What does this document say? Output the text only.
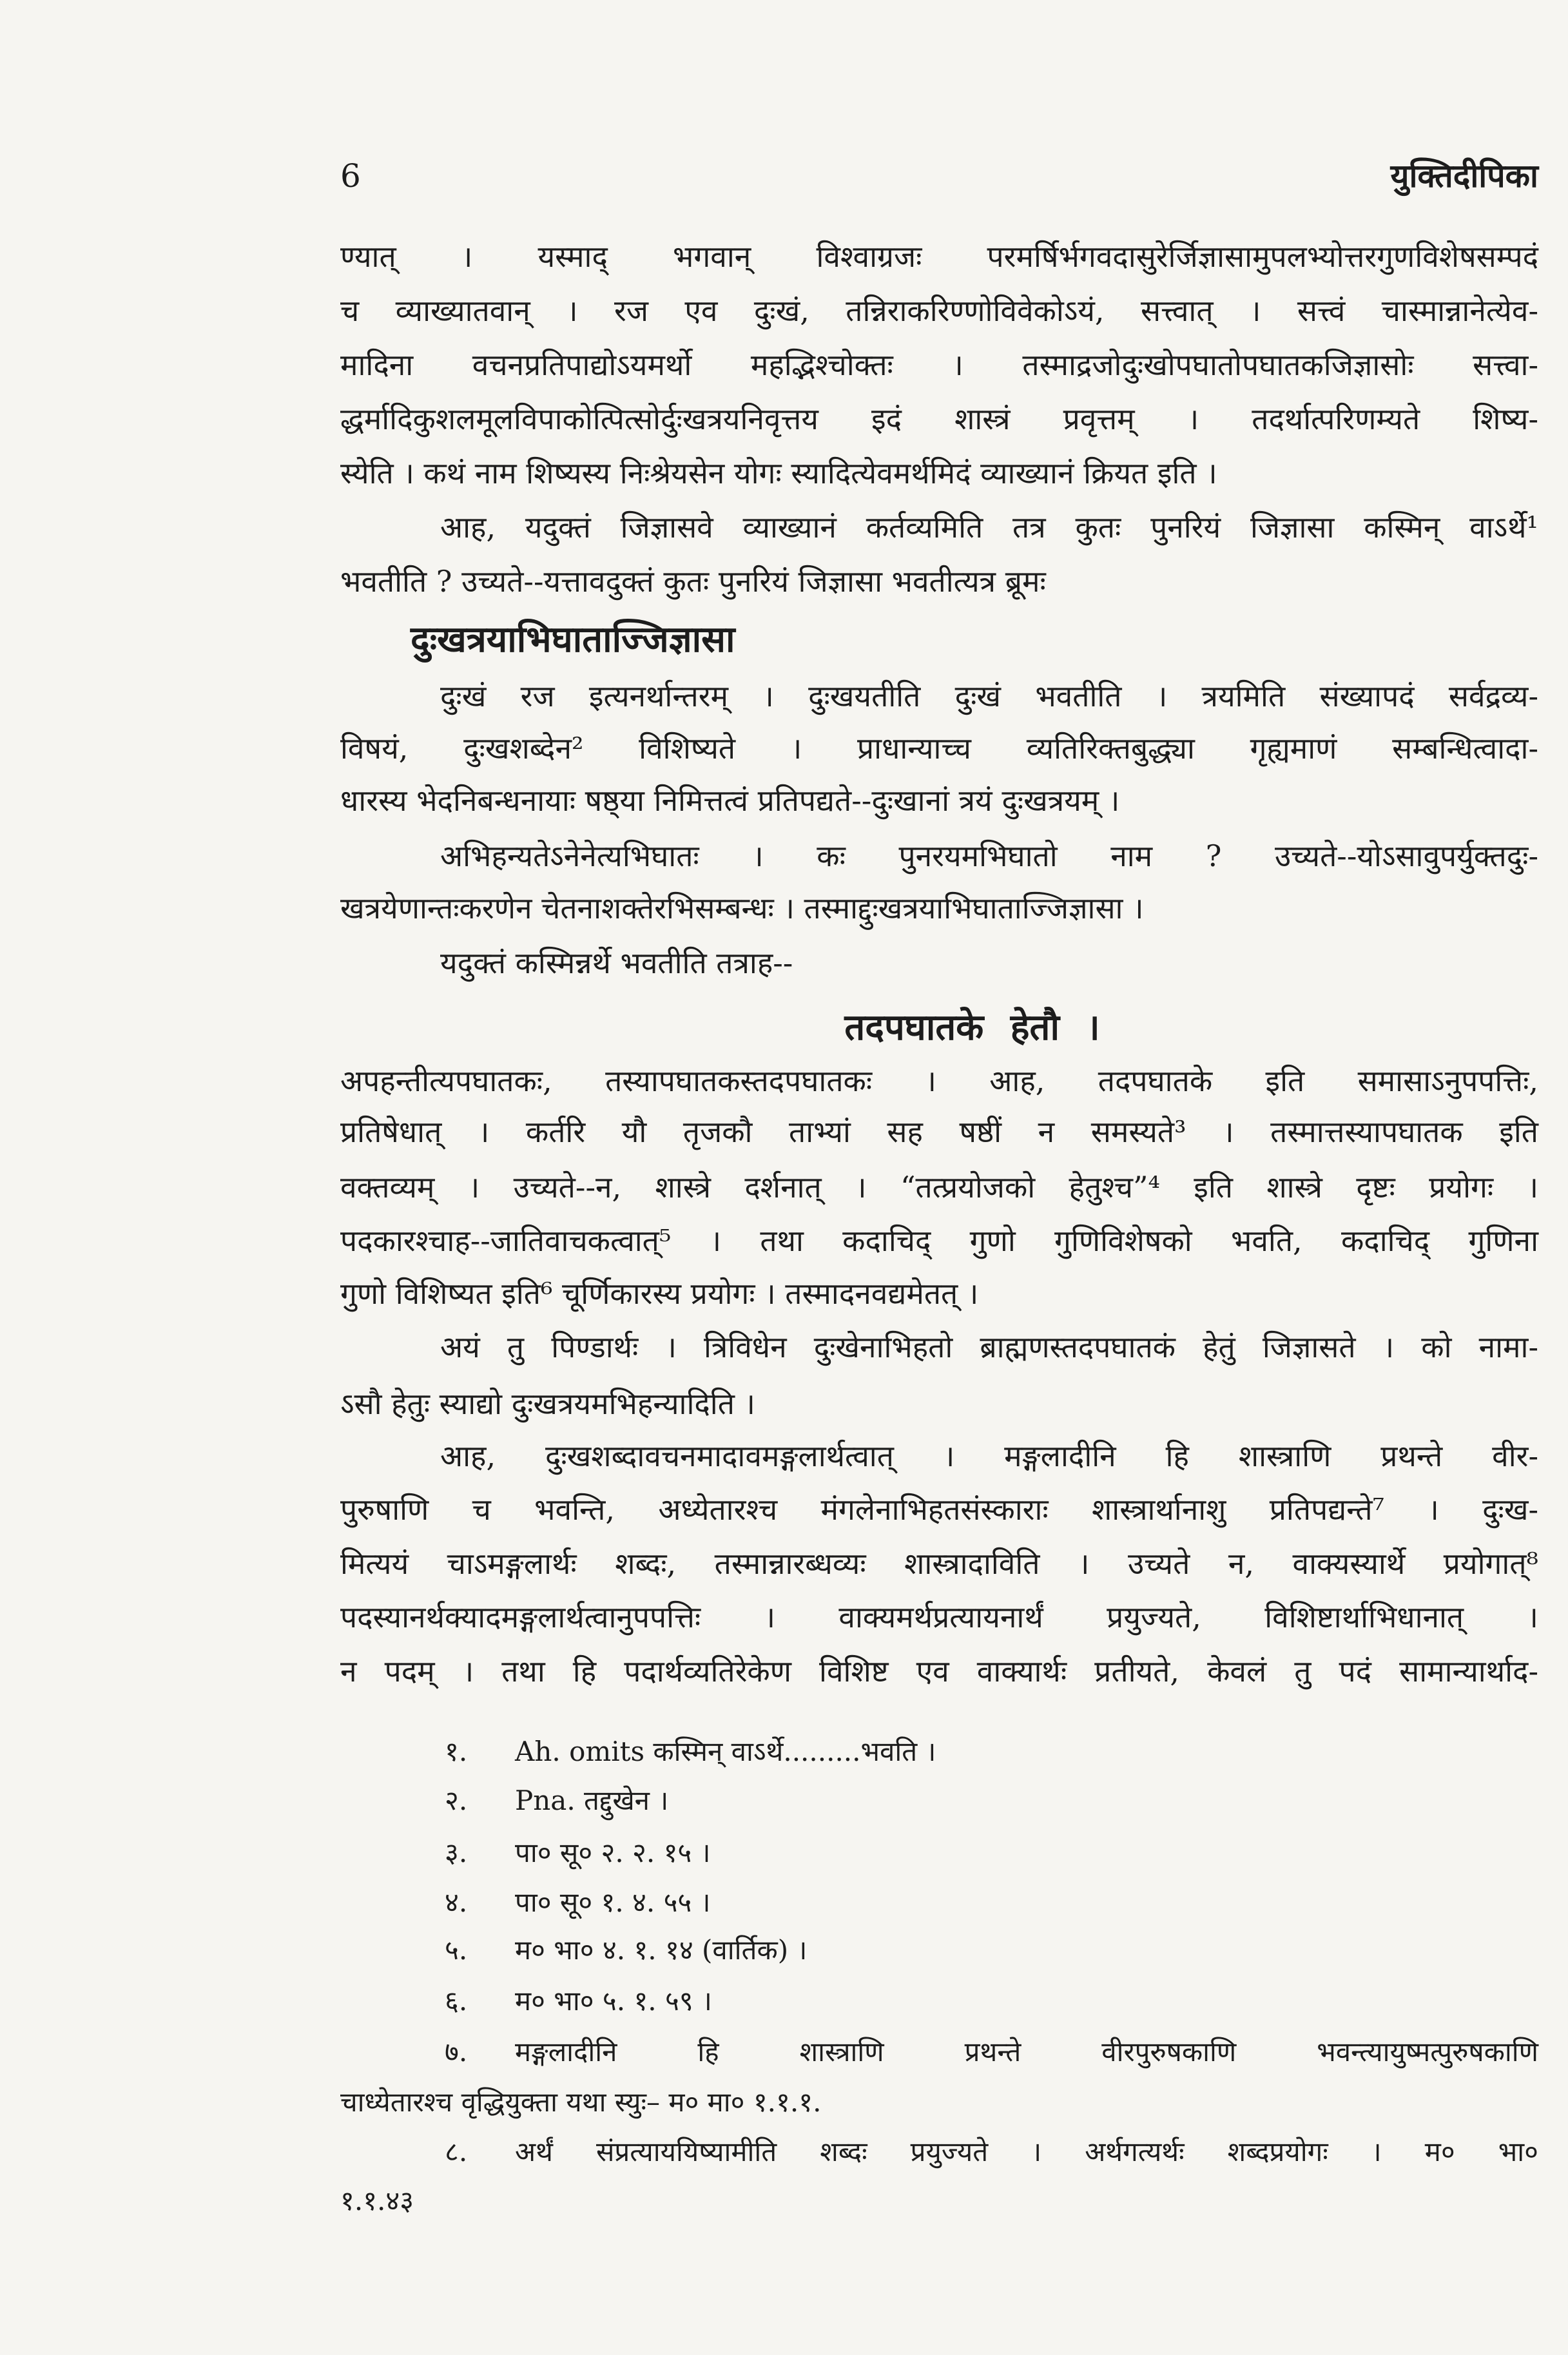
6	युक्तिदीपिका
ण्यात् । यस्माद् भगवान् विश्वाग्रजः परमर्षिर्भगवदासुरेर्जिज्ञासामुपलभ्योत्तरगुणविशेषसम्पदं
च व्याख्यातवान् । रज एव दुःखं, तन्निराकरिण्णोविवेकोऽयं, सत्त्वात् । सत्त्वं चास्मान्नानेत्येव-
मादिना वचनप्रतिपाद्योऽयमर्थो महद्भिश्चोक्तः । तस्माद्रजोदुःखोपघातोपघातकजिज्ञासोः सत्त्वा-
द्धर्मादिकुशलमूलविपाकोत्पित्सोर्दुःखत्रयनिवृत्तय इदं शास्त्रं प्रवृत्तम् । तदर्थात्परिणम्यते शिष्य-
स्येति । कथं नाम शिष्यस्य निःश्रेयसेन योगः स्यादित्येवमर्थमिदं व्याख्यानं क्रियत इति ।
आह, यदुक्तं जिज्ञासवे व्याख्यानं कर्तव्यमिति तत्र कुतः पुनरियं जिज्ञासा कस्मिन् वाऽर्थे¹
भवतीति ? उच्यते--यत्तावदुक्तं कुतः पुनरियं जिज्ञासा भवतीत्यत्र ब्रूमः
दुःखत्रयाभिघाताज्जिज्ञासा
दुःखं रज इत्यनर्थान्तरम् । दुःखयतीति दुःखं भवतीति । त्रयमिति संख्यापदं सर्वद्रव्य-
विषयं, दुःखशब्देन² विशिष्यते । प्राधान्याच्च व्यतिरिक्तबुद्ध्या गृह्यमाणं सम्बन्धित्वादा-
धारस्य भेदनिबन्धनायाः षष्ठ्या निमित्तत्वं प्रतिपद्यते--दुःखानां त्रयं दुःखत्रयम् ।
अभिहन्यतेऽनेनेत्यभिघातः । कः पुनरयमभिघातो नाम ? उच्यते--योऽसावुपर्युक्तदुः-
खत्रयेणान्तःकरणेन चेतनाशक्तेरभिसम्बन्धः । तस्माद्दुःखत्रयाभिघाताज्जिज्ञासा ।
यदुक्तं कस्मिन्नर्थे भवतीति तत्राह--
तदपघातके हेतौ ।
अपहन्तीत्यपघातकः, तस्यापघातकस्तदपघातकः । आह, तदपघातके इति समासाऽनुपपत्तिः,
प्रतिषेधात् । कर्तरि यौ तृजकौ ताभ्यां सह षष्ठीं न समस्यते³ । तस्मात्तस्यापघातक इति
वक्तव्यम् । उच्यते--न, शास्त्रे दर्शनात् । “तत्प्रयोजको हेतुश्च”⁴ इति शास्त्रे दृष्टः प्रयोगः ।
पदकारश्चाह--जातिवाचकत्वात्⁵ । तथा कदाचिद् गुणो गुणिविशेषको भवति, कदाचिद् गुणिना
गुणो विशिष्यत इति⁶ चूर्णिकारस्य प्रयोगः । तस्मादनवद्यमेतत् ।
अयं तु पिण्डार्थः । त्रिविधेन दुःखेनाभिहतो ब्राह्मणस्तदपघातकं हेतुं जिज्ञासते । को नामा-
ऽसौ हेतुः स्याद्यो दुःखत्रयमभिहन्यादिति ।
आह, दुःखशब्दावचनमादावमङ्गलार्थत्वात् । मङ्गलादीनि हि शास्त्राणि प्रथन्ते वीर-
पुरुषाणि च भवन्ति, अध्येतारश्च मंगलेनाभिहतसंस्काराः शास्त्रार्थानाशु प्रतिपद्यन्ते⁷ । दुःख-
मित्ययं चाऽमङ्गलार्थः शब्दः, तस्मान्नारब्धव्यः शास्त्रादाविति । उच्यते न, वाक्यस्यार्थे प्रयोगात्⁸
पदस्यानर्थक्यादमङ्गलार्थत्वानुपपत्तिः । वाक्यमर्थप्रत्यायनार्थं प्रयुज्यते, विशिष्टार्थाभिधानात् ।
न पदम् । तथा हि पदार्थव्यतिरेकेण विशिष्ट एव वाक्यार्थः प्रतीयते, केवलं तु पदं सामान्यार्थाद-
१.	Ah. omits कस्मिन् वाऽर्थे.........भवति ।
२.	Pna. तद्दुखेन ।
३.	पा० सू० २. २. १५ ।
४.	पा० सू० १. ४. ५५ ।
५.	म० भा० ४. १. १४ (वार्तिक) ।
६.	म० भा० ५. १. ५९ ।
७.	मङ्गलादीनि हि शास्त्राणि प्रथन्ते वीरपुरुषकाणि भवन्त्यायुष्मत्पुरुषकाणि
चाध्येतारश्च वृद्धियुक्ता यथा स्युः– म० मा० १.१.१.
८.	अर्थं संप्रत्याययिष्यामीति शब्दः प्रयुज्यते । अर्थगत्यर्थः शब्दप्रयोगः । म० भा०
१.१.४३
